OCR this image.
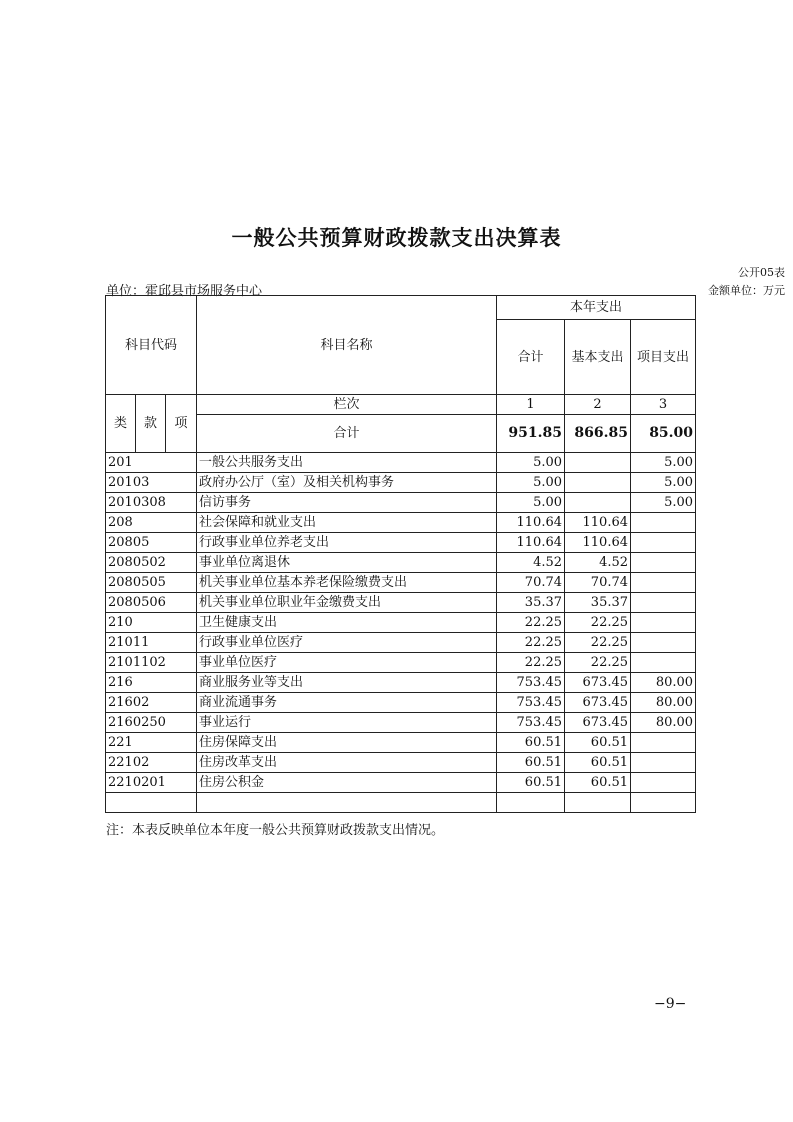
一般公共预算财政拨款支出决算表
公开05表
单位：霍邱县市场服务中心	金额单位：万元
科目代码			科目名称	本年支出		
				合计	基本支出	项目支出
类	款	项	栏次	1	2	3
			合计	951.85	866.85	85.00
201			一般公共服务支出	5.00		5.00
20103			政府办公厅（室）及相关机构事务	5.00		5.00
2010308			信访事务	5.00		5.00
208			社会保障和就业支出	110.64	110.64	
20805			行政事业单位养老支出	110.64	110.64	
2080502			事业单位离退休	4.52	4.52	
2080505			机关事业单位基本养老保险缴费支出	70.74	70.74	
2080506			机关事业单位职业年金缴费支出	35.37	35.37	
210			卫生健康支出	22.25	22.25	
21011			行政事业单位医疗	22.25	22.25	
2101102			事业单位医疗	22.25	22.25	
216			商业服务业等支出	753.45	673.45	80.00
21602			商业流通事务	753.45	673.45	80.00
2160250			事业运行	753.45	673.45	80.00
221			住房保障支出	60.51	60.51	
22102			住房改革支出	60.51	60.51	
2210201			住房公积金	60.51	60.51	

注：本表反映单位本年度一般公共预算财政拨款支出情况。
−9−
